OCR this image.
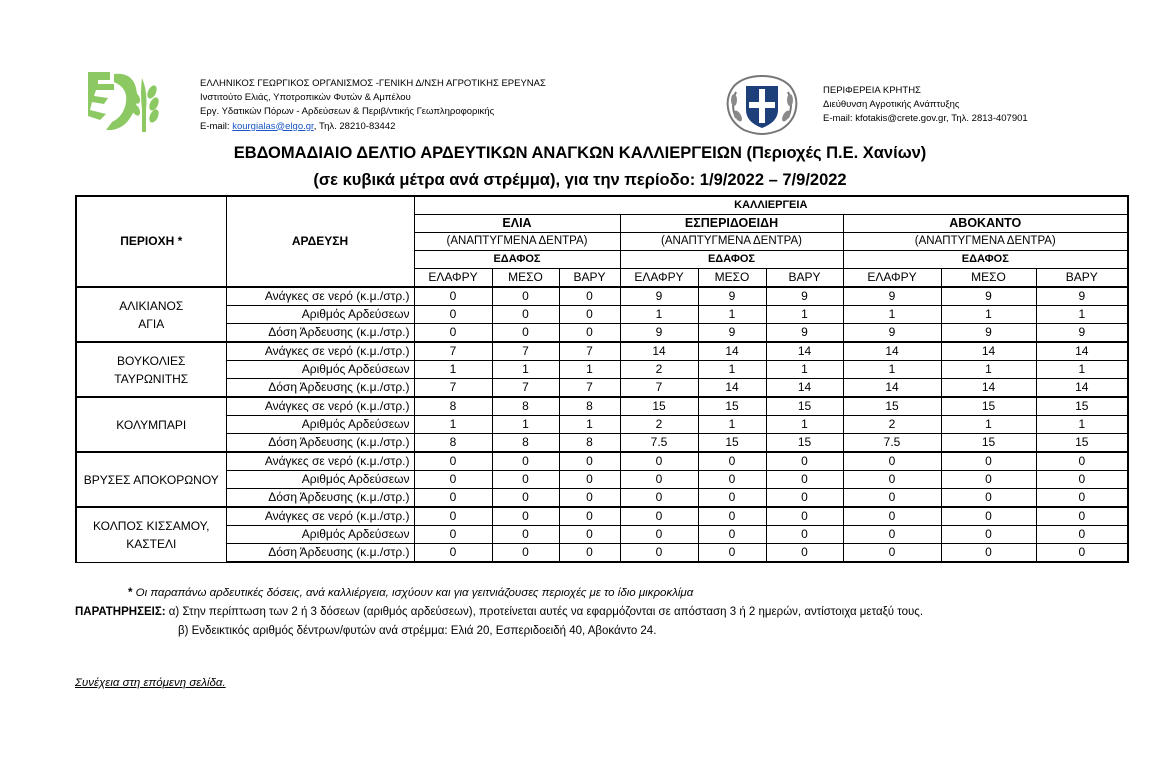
ΕΛΛΗΝΙΚΟΣ ΓΕΩΡΓΙΚΟΣ ΟΡΓΑΝΙΣΜΟΣ -ΓΕΝΙΚΗ Δ/ΝΣΗ ΑΓΡΟΤΙΚΗΣ ΕΡΕΥΝΑΣ
Ινστιτούτο Ελιάς, Υποτροπικών Φυτών & Αμπέλου
Εργ. Υδατικών Πόρων - Αρδεύσεων & Περιβ/ντικής Γεωπληροφορικής
E-mail: kourgialas@elgo.gr, Τηλ. 28210-83442
ΠΕΡΙΦΕΡΕΙΑ ΚΡΗΤΗΣ
Διεύθυνση Αγροτικής Ανάπτυξης
E-mail: kfotakis@crete.gov.gr, Τηλ. 2813-407901
ΕΒΔΟΜΑΔΙΑΙΟ ΔΕΛΤΙΟ ΑΡΔΕΥΤΙΚΩΝ ΑΝΑΓΚΩΝ ΚΑΛΛΙΕΡΓΕΙΩΝ (Περιοχές Π.Ε. Χανίων)
(σε κυβικά μέτρα ανά στρέμμα), για την περίοδο: 1/9/2022 – 7/9/2022
ΠΕΡΙΟΧΗ *	ΑΡΔΕΥΣΗ	ΚΑΛΛΙΕΡΓΕΙΑ								
		ΕΛΙΑ			ΕΣΠΕΡΙΔΟΕΙΔΗ			ΑΒΟΚΑΝΤΟ		
		(ΑΝΑΠΤΥΓΜΕΝΑ ΔΕΝΤΡΑ)			(ΑΝΑΠΤΥΓΜΕΝΑ ΔΕΝΤΡΑ)			(ΑΝΑΠΤΥΓΜΕΝΑ ΔΕΝΤΡΑ)		
		ΕΔΑΦΟΣ			ΕΔΑΦΟΣ			ΕΔΑΦΟΣ		
		ΕΛΑΦΡΥ	ΜΕΣΟ	ΒΑΡΥ	ΕΛΑΦΡΥ	ΜΕΣΟ	ΒΑΡΥ	ΕΛΑΦΡΥ	ΜΕΣΟ	ΒΑΡΥ

ΑΛΙΚΙΑΝΟΣ
ΑΓΙΑ	Ανάγκες σε νερό (κ.μ./στρ.)	0	0	0	9	9	9	9	9	9
	Αριθμός Αρδεύσεων	0	0	0	1	1	1	1	1	1
	Δόση Άρδευσης (κ.μ./στρ.)	0	0	0	9	9	9	9	9	9

ΒΟΥΚΟΛΙΕΣ
ΤΑΥΡΩΝΙΤΗΣ	Ανάγκες σε νερό (κ.μ./στρ.)	7	7	7	14	14	14	14	14	14
	Αριθμός Αρδεύσεων	1	1	1	2	1	1	1	1	1
	Δόση Άρδευσης (κ.μ./στρ.)	7	7	7	7	14	14	14	14	14

ΚΟΛΥΜΠΑΡΙ	Ανάγκες σε νερό (κ.μ./στρ.)	8	8	8	15	15	15	15	15	15
	Αριθμός Αρδεύσεων	1	1	1	2	1	1	2	1	1
	Δόση Άρδευσης (κ.μ./στρ.)	8	8	8	7.5	15	15	7.5	15	15

ΒΡΥΣΕΣ ΑΠΟΚΟΡΩΝΟΥ	Ανάγκες σε νερό (κ.μ./στρ.)	0	0	0	0	0	0	0	0	0
	Αριθμός Αρδεύσεων	0	0	0	0	0	0	0	0	0
	Δόση Άρδευσης (κ.μ./στρ.)	0	0	0	0	0	0	0	0	0

ΚΟΛΠΟΣ ΚΙΣΣΑΜΟΥ,
ΚΑΣΤΕΛΙ	Ανάγκες σε νερό (κ.μ./στρ.)	0	0	0	0	0	0	0	0	0
	Αριθμός Αρδεύσεων	0	0	0	0	0	0	0	0	0
	Δόση Άρδευσης (κ.μ./στρ.)	0	0	0	0	0	0	0	0	0
* Οι παραπάνω αρδευτικές δόσεις, ανά καλλιέργεια, ισχύουν και για γειτνιάζουσες περιοχές με το ίδιο μικροκλίμα
ΠΑΡΑΤΗΡΗΣΕΙΣ: α) Στην περίπτωση των 2 ή 3 δόσεων (αριθμός αρδεύσεων), προτείνεται αυτές να εφαρμόζονται σε απόσταση 3 ή 2 ημερών, αντίστοιχα μεταξύ τους.
β) Ενδεικτικός αριθμός δέντρων/φυτών ανά στρέμμα: Ελιά 20, Εσπεριδοειδή 40, Αβοκάντο 24.
Συνέχεια στη επόμενη σελίδα.
